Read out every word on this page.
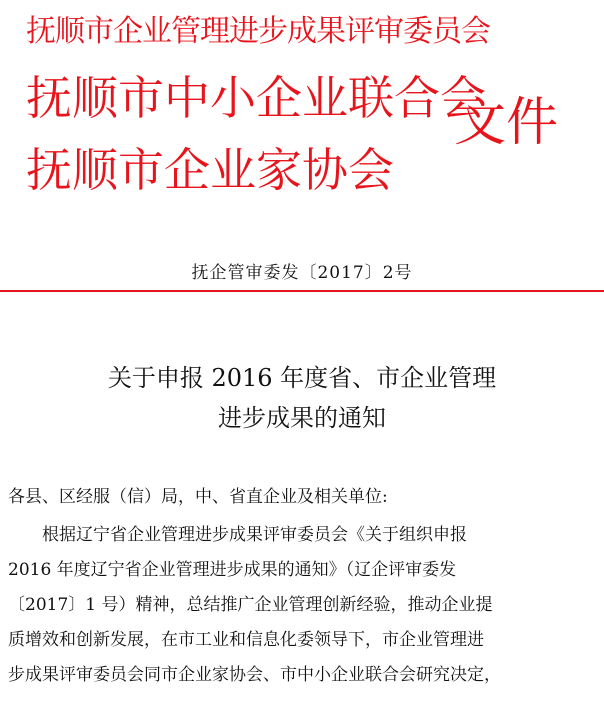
抚顺市企业管理进步成果评审委员会
抚顺市中小企业联合会
抚顺市企业家协会
文件
抚企管审委发〔2017〕2号
关于申报 2016 年度省、市企业管理
进步成果的通知
各县、区经服（信）局，中、省直企业及相关单位:
　　根据辽宁省企业管理进步成果评审委员会《关于组织申报
2016 年度辽宁省企业管理进步成果的通知》（辽企评审委发
〔2017〕1 号）精神，总结推广企业管理创新经验，推动企业提
质增效和创新发展，在市工业和信息化委领导下，市企业管理进
步成果评审委员会同市企业家协会、市中小企业联合会研究决定，
